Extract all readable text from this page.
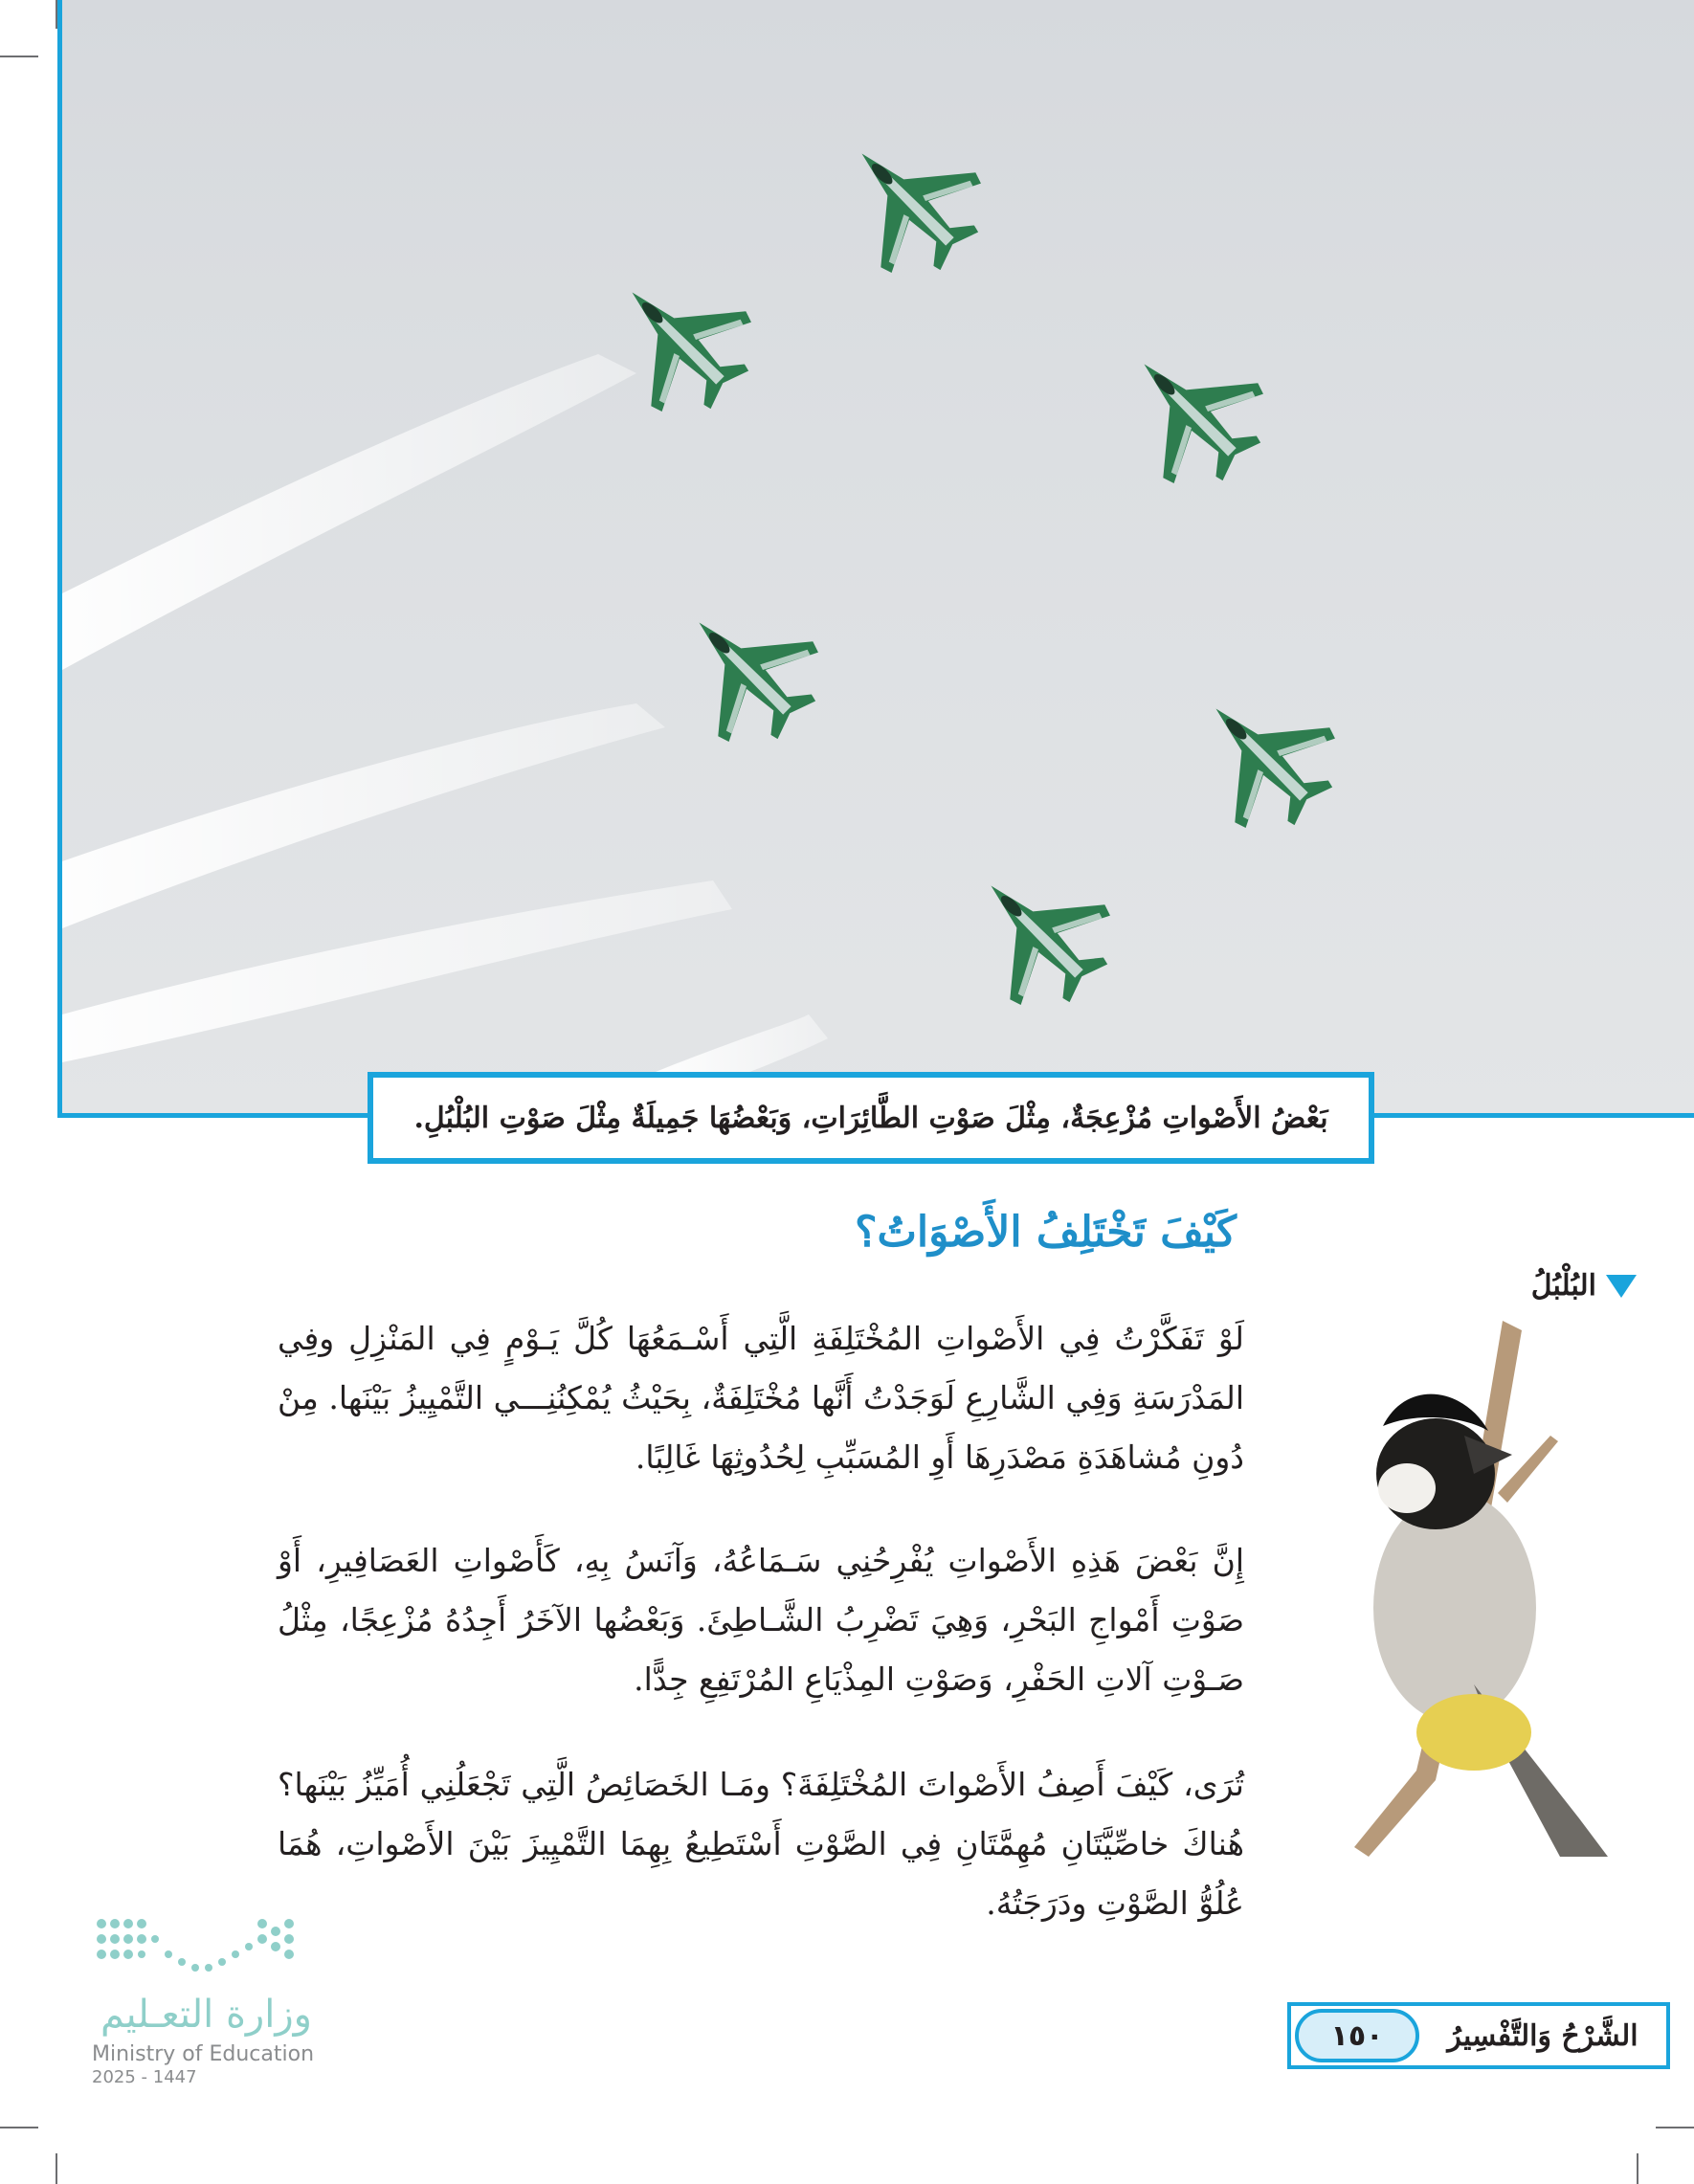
بَعْضُ الأَصْواتِ مُزْعِجَةٌ، مِثْلَ صَوْتِ الطَّائِرَاتِ، وَبَعْضُهَا جَمِيلَةٌ مِثْلَ صَوْتِ البُلْبُلِ.
كَيْفَ تَخْتَلِفُ الأَصْوَاتُ؟
لَوْ تَفَكَّرْتُ فِي الأَصْواتِ المُخْتَلِفَةِ الَّتِي أَسْـمَعُهَا كُلَّ يَـوْمٍ فِي المَنْزِلِ وفِي المَدْرَسَةِ وَفِي الشَّارِعِ لَوَجَدْتُ أَنَّها مُخْتَلِفَةٌ، بِحَيْثُ يُمْكِنُنِـــي التَّمْيِيزُ بَيْنَها. مِنْ دُونِ مُشاهَدَةِ مَصْدَرِهَا أَوِ المُسَبِّبِ لِحُدُوثِهَا غَالِبًا.
إِنَّ بَعْضَ هَذِهِ الأَصْواتِ يُفْرِحُنِي سَـمَاعُهُ، وَآنَسُ بِهِ، كَأَصْواتِ العَصَافِيرِ، أَوْ صَوْتِ أَمْواجِ البَحْرِ، وَهِيَ تَضْرِبُ الشَّـاطِئَ. وَبَعْضُها الآخَرُ أَجِدُهُ مُزْعِجًا، مِثْلُ صَـوْتِ آلاتِ الحَفْرِ، وَصَوْتِ المِذْيَاعِ المُرْتَفِعِ جِدًّا.
تُرَى، كَيْفَ أَصِفُ الأَصْواتَ المُخْتَلِفَةَ؟ ومَـا الخَصَائِصُ الَّتِي تَجْعَلُنِي أُمَيِّزُ بَيْنَها؟ هُناكَ خاصِّيَّتَانِ مُهِمَّتَانِ فِي الصَّوْتِ أَسْتَطِيعُ بِهِمَا التَّمْيِيزَ بَيْنَ الأَصْواتِ، هُمَا عُلُوُّ الصَّوْتِ ودَرَجَتُهُ.
البُلْبُلُ
وزارة التعـليم
Ministry of Education
2025 - 1447
الشَّرْحُ وَالتَّفْسِيرُ
١٥٠
